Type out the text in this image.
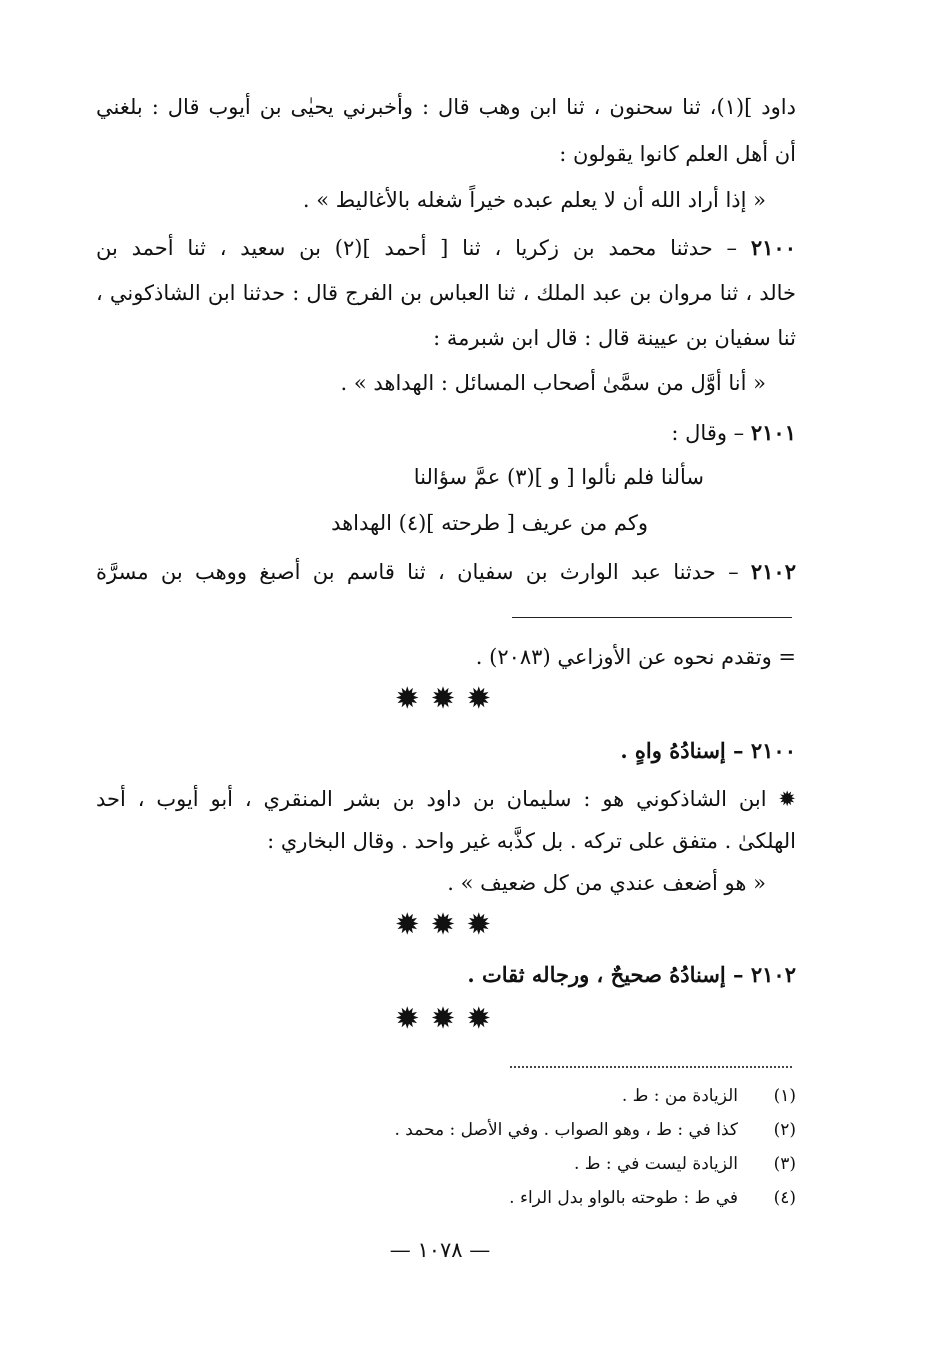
داود ](١)، ثنا سحنون ، ثنا ابن وهب قال : وأخبرني يحيٰى بن أيوب قال : بلغني
أن أهل العلم كانوا يقولون :
« إذا أراد الله أن لا يعلم عبده خيراً شغله بالأغاليط » .
٢١٠٠ – حدثنا محمد بن زكريا ، ثنا [ أحمد ](٢) بن سعيد ، ثنا أحمد بن
خالد ، ثنا مروان بن عبد الملك ، ثنا العباس بن الفرج قال : حدثنا ابن الشاذكوني ،
ثنا سفيان بن عيينة قال : قال ابن شبرمة :
« أنا أوَّل من سمَّىٰ أصحاب المسائل : الهداهد » .
٢١٠١ – وقال :
سألنا فلم نألوا [ و ](٣) عمَّ سؤالنا
وكم من عريف [ طرحته ](٤) الهداهد
٢١٠٢ – حدثنا عبد الوارث بن سفيان ، ثنا قاسم بن أصبغ ووهب بن مسرَّة
= وتقدم نحوه عن الأوزاعي (٢٠٨٣) .
✹✹✹
٢١٠٠ – إسنادُهُ واهٍ .
✹ ابن الشاذكوني هو : سليمان بن داود بن بشر المنقري ، أبو أيوب ، أحد
الهلكىٰ . متفق على تركه . بل كذَّبه غير واحد . وقال البخاري :
« هو أضعف عندي من كل ضعيف » .
✹✹✹
٢١٠٢ – إسنادُهُ صحيحٌ ، ورجاله ثقات .
✹✹✹
(١)الزيادة من : ط .
(٢)كذا في : ط ، وهو الصواب . وفي الأصل : محمد .
(٣)الزيادة ليست في : ط .
(٤)في ط : طوحته بالواو بدل الراء .
— ١٠٧٨ —
